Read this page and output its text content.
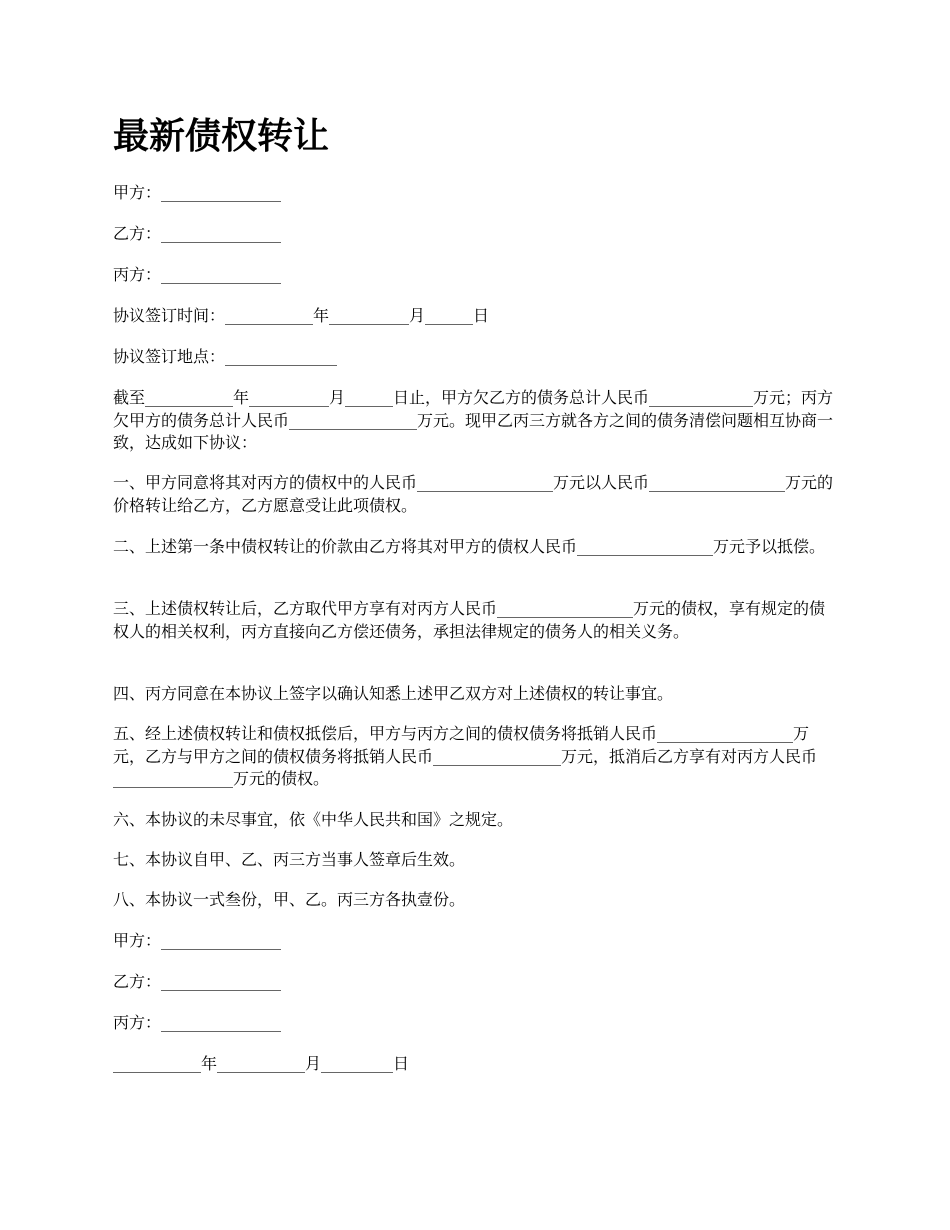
最新债权转让
甲方：_______________
乙方：_______________
丙方：_______________
协议签订时间：___________年__________月______日
协议签订地点：______________

截至___________年__________月______日止，甲方欠乙方的债务总计人民币_____________万元；丙方欠甲方的债务总计人民币________________万元。现甲乙丙三方就各方之间的债务清偿问题相互协商一致，达成如下协议：

一、甲方同意将其对丙方的债权中的人民币_________________万元以人民币_________________万元的价格转让给乙方，乙方愿意受让此项债权。

二、上述第一条中债权转让的价款由乙方将其对甲方的债权人民币_________________万元予以抵偿。

三、上述债权转让后，乙方取代甲方享有对丙方人民币_________________万元的债权，享有规定的债权人的相关权利，丙方直接向乙方偿还债务，承担法律规定的债务人的相关义务。

四、丙方同意在本协议上签字以确认知悉上述甲乙双方对上述债权的转让事宜。

五、经上述债权转让和债权抵偿后，甲方与丙方之间的债权债务将抵销人民币_________________万元，乙方与甲方之间的债权债务将抵销人民币________________万元，抵消后乙方享有对丙方人民币_______________万元的债权。

六、本协议的未尽事宜，依《中华人民共和国》之规定。

七、本协议自甲、乙、丙三方当事人签章后生效。

八、本协议一式叁份，甲、乙。丙三方各执壹份。

甲方：_______________
乙方：_______________
丙方：_______________
___________年___________月_________日
